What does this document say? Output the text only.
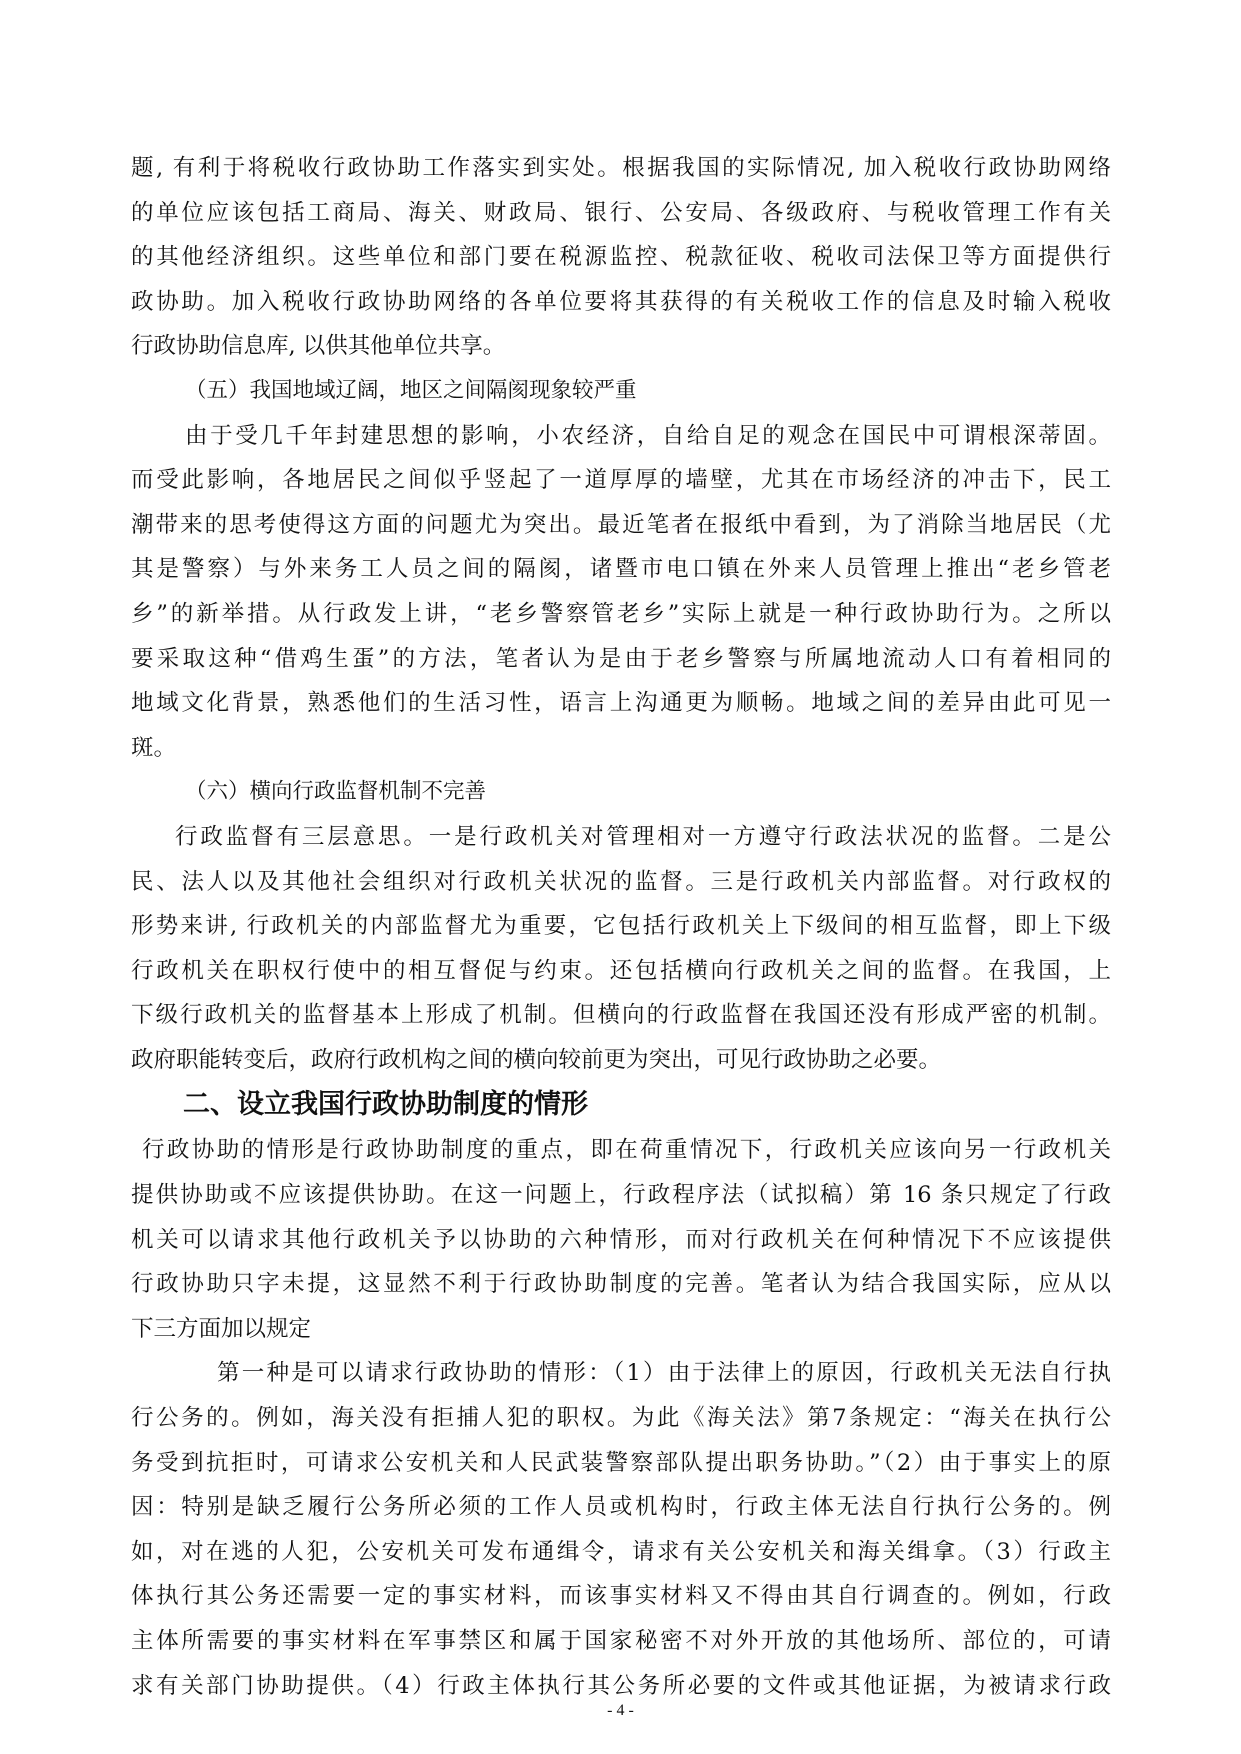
题, 有利于将税收行政协助工作落实到实处。根据我国的实际情况, 加入税收行政协助网络
的单位应该包括工商局、海关、财政局、银行、公安局、各级政府、与税收管理工作有关
的其他经济组织。这些单位和部门要在税源监控、税款征收、税收司法保卫等方面提供行
政协助。加入税收行政协助网络的各单位要将其获得的有关税收工作的信息及时输入税收
行政协助信息库, 以供其他单位共享。
（五）我国地域辽阔，地区之间隔阂现象较严重
由于受几千年封建思想的影响，小农经济，自给自足的观念在国民中可谓根深蒂固。
而受此影响，各地居民之间似乎竖起了一道厚厚的墙壁，尤其在市场经济的冲击下，民工
潮带来的思考使得这方面的问题尤为突出。最近笔者在报纸中看到，为了消除当地居民（尤
其是警察）与外来务工人员之间的隔阂，诸暨市电口镇在外来人员管理上推出“老乡管老
乡”的新举措。从行政发上讲，“老乡警察管老乡”实际上就是一种行政协助行为。之所以
要采取这种“借鸡生蛋”的方法，笔者认为是由于老乡警察与所属地流动人口有着相同的
地域文化背景，熟悉他们的生活习性，语言上沟通更为顺畅。地域之间的差异由此可见一
斑。
（六）横向行政监督机制不完善
行政监督有三层意思。一是行政机关对管理相对一方遵守行政法状况的监督。二是公
民、法人以及其他社会组织对行政机关状况的监督。三是行政机关内部监督。对行政权的
形势来讲, 行政机关的内部监督尤为重要，它包括行政机关上下级间的相互监督，即上下级
行政机关在职权行使中的相互督促与约束。还包括横向行政机关之间的监督。在我国，上
下级行政机关的监督基本上形成了机制。但横向的行政监督在我国还没有形成严密的机制。
政府职能转变后，政府行政机构之间的横向较前更为突出，可见行政协助之必要。
二、设立我国行政协助制度的情形
行政协助的情形是行政协助制度的重点，即在荷重情况下，行政机关应该向另一行政机关
提供协助或不应该提供协助。在这一问题上，行政程序法（试拟稿）第 16 条只规定了行政
机关可以请求其他行政机关予以协助的六种情形，而对行政机关在何种情况下不应该提供
行政协助只字未提，这显然不利于行政协助制度的完善。笔者认为结合我国实际，应从以
下三方面加以规定
第一种是可以请求行政协助的情形：（1）由于法律上的原因，行政机关无法自行执
行公务的。例如，海关没有拒捕人犯的职权。为此《海关法》第7条规定：“海关在执行公
务受到抗拒时，可请求公安机关和人民武装警察部队提出职务协助。”（2）由于事实上的原
因：特别是缺乏履行公务所必须的工作人员或机构时，行政主体无法自行执行公务的。例
如，对在逃的人犯，公安机关可发布通缉令，请求有关公安机关和海关缉拿。（3）行政主
体执行其公务还需要一定的事实材料，而该事实材料又不得由其自行调查的。例如，行政
主体所需要的事实材料在军事禁区和属于国家秘密不对外开放的其他场所、部位的，可请
求有关部门协助提供。（4）行政主体执行其公务所必要的文件或其他证据，为被请求行政
- 4 -
